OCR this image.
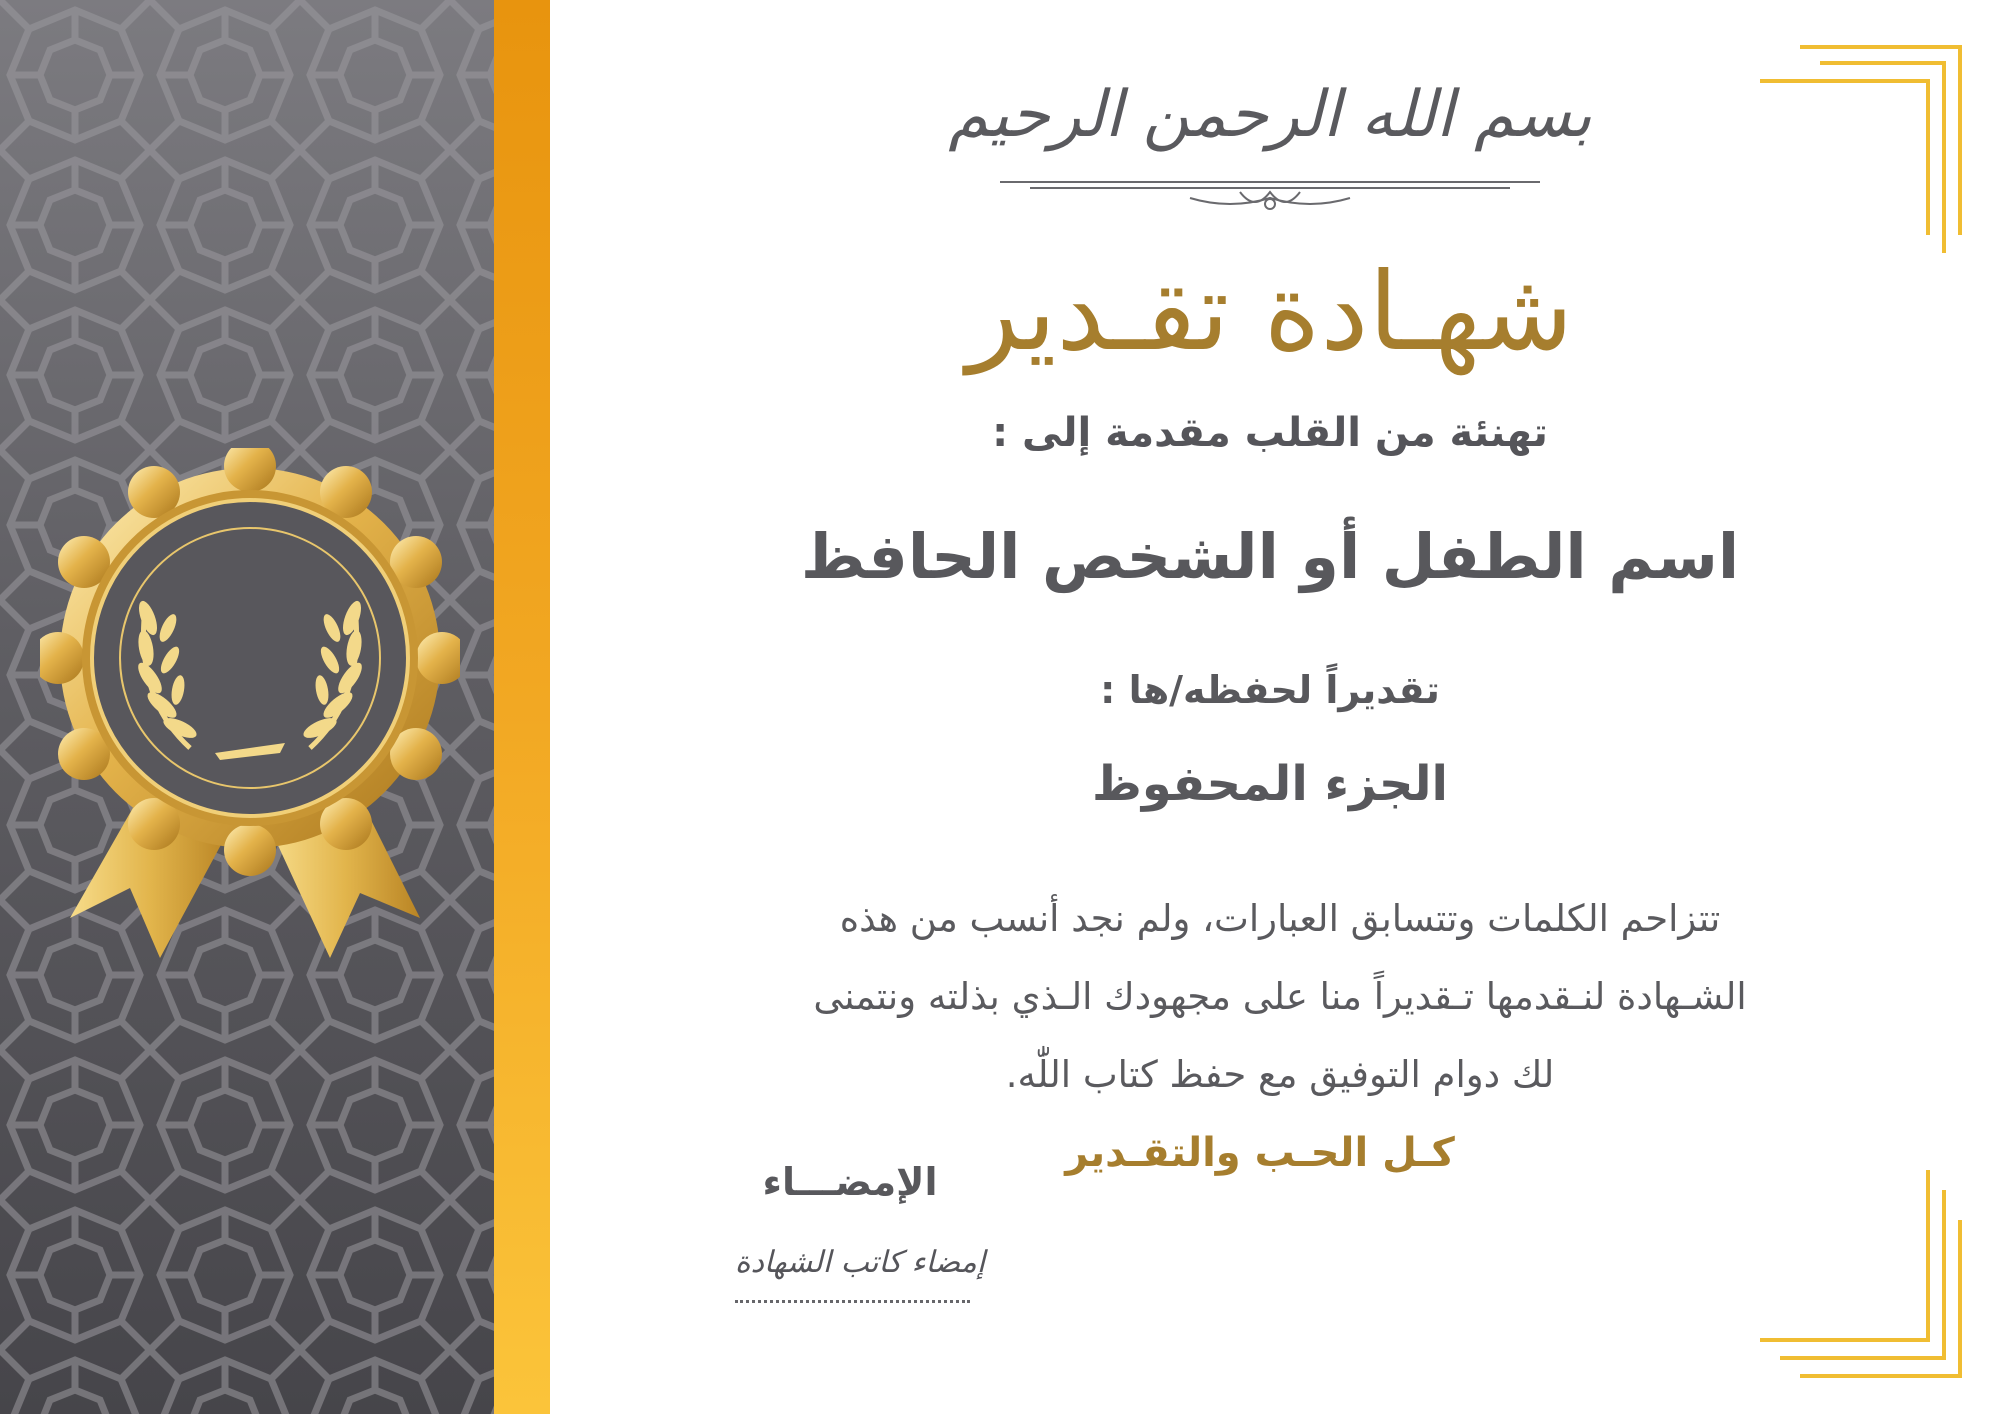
بسم الله الرحمن الرحيم
شهـادة تقـدير
تهنئة من القلب مقدمة إلى :
اسم الطفل أو الشخص الحافظ
تقديراً لحفظه/ها :
الجزء المحفوظ
تتزاحم الكلمات وتتسابق العبارات، ولم نجد أنسب من هذه
الشـهادة لنـقدمها تـقديراً منا على مجهودك الـذي بذلته ونتمنى
لك دوام التوفيق مع حفظ كتاب اللّٰه.
كـل الحـب والتقـدير
الإمضـــاء
إمضاء كاتب الشهادة
